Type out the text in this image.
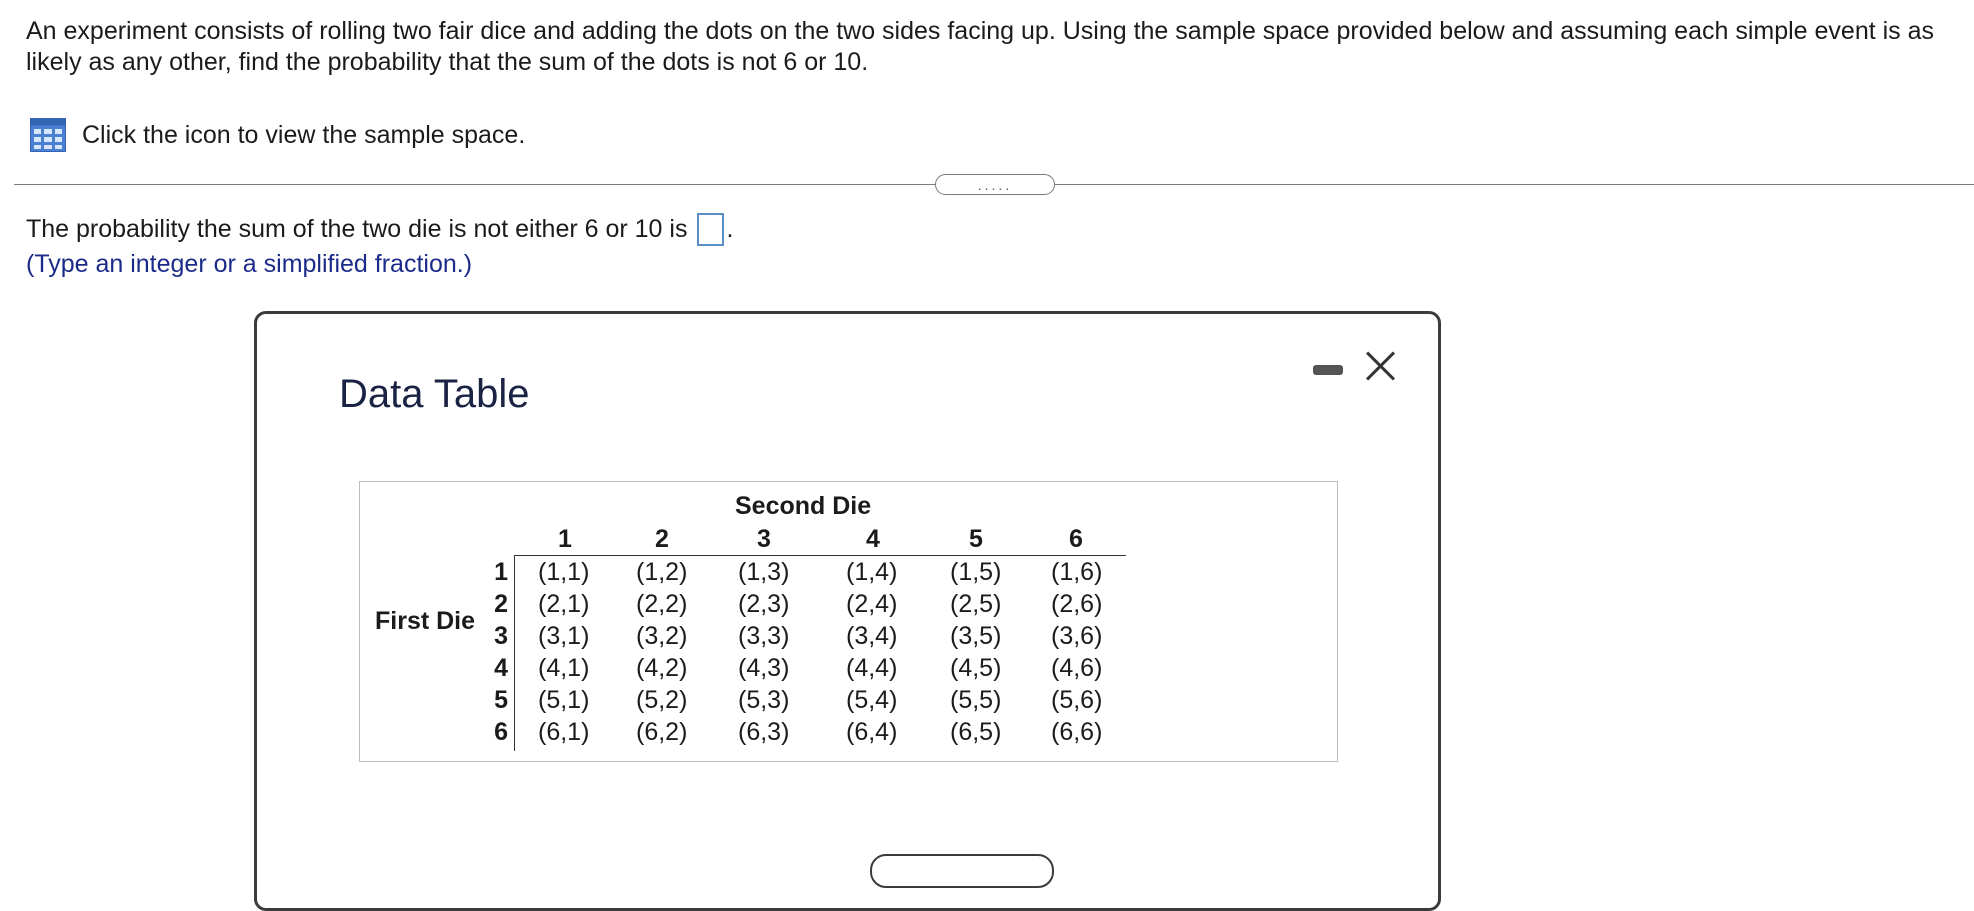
An experiment consists of rolling two fair dice and adding the dots on the two sides facing up. Using the sample space provided below and assuming each simple event is as likely as any other, find the probability that the sum of the dots is not 6 or 10.
Click the icon to view the sample space.
.....
The probability the sum of the two die is not either 6 or 10 is .
(Type an integer or a simplified fraction.)
Data Table
Second Die
First Die
1	2	3	4	5	6
1
2
3
4
5
6
(1,1) (1,2) (1,3) (1,4) (1,5) (1,6)
(2,1) (2,2) (2,3) (2,4) (2,5) (2,6)
(3,1) (3,2) (3,3) (3,4) (3,5) (3,6)
(4,1) (4,2) (4,3) (4,4) (4,5) (4,6)
(5,1) (5,2) (5,3) (5,4) (5,5) (5,6)
(6,1) (6,2) (6,3) (6,4) (6,5) (6,6)
